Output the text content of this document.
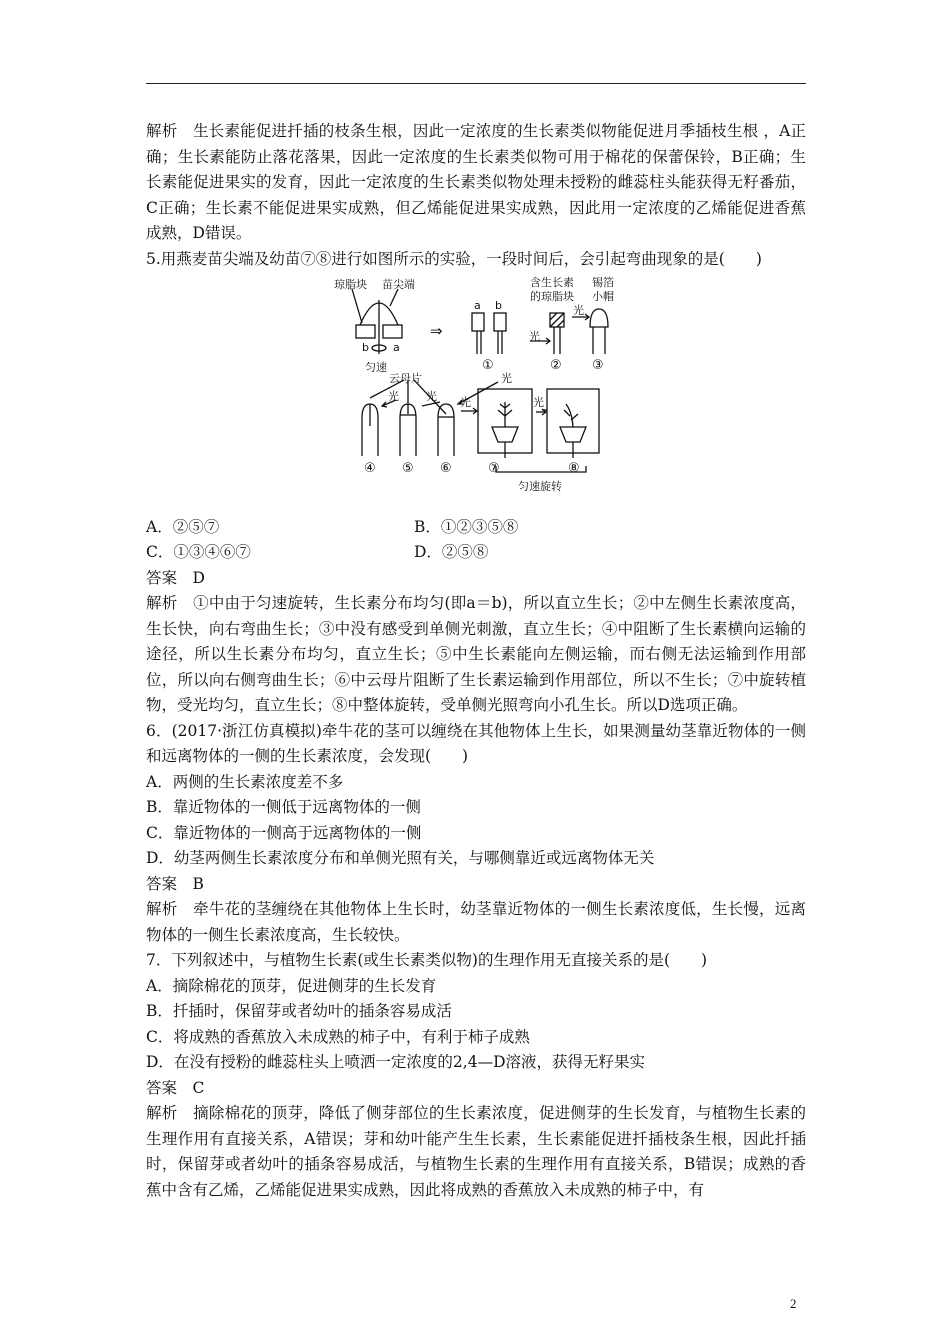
解析　生长素能促进扦插的枝条生根，因此一定浓度的生长素类似物能促进月季插枝生根 ，A正确；生长素能防止落花落果，因此一定浓度的生长素类似物可用于棉花的保蕾保铃，B正确；生长素能促进果实的发育，因此一定浓度的生长素类似物处理未授粉的雌蕊柱头能获得无籽番茄，C正确；生长素不能促进果实成熟，但乙烯能促进果实成熟，因此用一定浓度的乙烯能促进香蕉成熟，D错误。

5.用燕麦苗尖端及幼苗⑦⑧进行如图所示的实验，一段时间后，会引起弯曲现象的是(　　)

琼脂块 苗尖端
b a
匀速
⇒
a b
含生长素
的琼脂块
锡箔
小帽
光
光
①	② ③
云母片
光 光
光
光	光
④ ⑤ ⑥	⑦	⑧
匀速旋转
A．②⑤⑦	B．①②③⑤⑧
C．①③④⑥⑦	D．②⑤⑧

答案　D

解析　①中由于匀速旋转，生长素分布均匀(即a＝b)，所以直立生长；②中左侧生长素浓度高，生长快，向右弯曲生长；③中没有感受到单侧光刺激，直立生长；④中阻断了生长素横向运输的途径，所以生长素分布均匀，直立生长；⑤中生长素能向左侧运输，而右侧无法运输到作用部位，所以向右侧弯曲生长；⑥中云母片阻断了生长素运输到作用部位，所以不生长；⑦中旋转植物，受光均匀，直立生长；⑧中整体旋转，受单侧光照弯向小孔生长。所以D选项正确。

6．(2017·浙江仿真模拟)牵牛花的茎可以缠绕在其他物体上生长，如果测量幼茎靠近物体的一侧和远离物体的一侧的生长素浓度，会发现(　　)

A．两侧的生长素浓度差不多

B．靠近物体的一侧低于远离物体的一侧

C．靠近物体的一侧高于远离物体的一侧

D．幼茎两侧生长素浓度分布和单侧光照有关，与哪侧靠近或远离物体无关

答案　B

解析　牵牛花的茎缠绕在其他物体上生长时，幼茎靠近物体的一侧生长素浓度低，生长慢，远离物体的一侧生长素浓度高，生长较快。

7．下列叙述中，与植物生长素(或生长素类似物)的生理作用无直接关系的是(　　)

A．摘除棉花的顶芽，促进侧芽的生长发育

B．扦插时，保留芽或者幼叶的插条容易成活

C．将成熟的香蕉放入未成熟的柿子中，有利于柿子成熟

D．在没有授粉的雌蕊柱头上喷洒一定浓度的2,4—D溶液，获得无籽果实

答案　C

解析　摘除棉花的顶芽，降低了侧芽部位的生长素浓度，促进侧芽的生长发育，与植物生长素的生理作用有直接关系，A错误；芽和幼叶能产生生长素，生长素能促进扦插枝条生根，因此扦插时，保留芽或者幼叶的插条容易成活，与植物生长素的生理作用有直接关系，B错误；成熟的香蕉中含有乙烯，乙烯能促进果实成熟，因此将成熟的香蕉放入未成熟的柿子中，有

2
